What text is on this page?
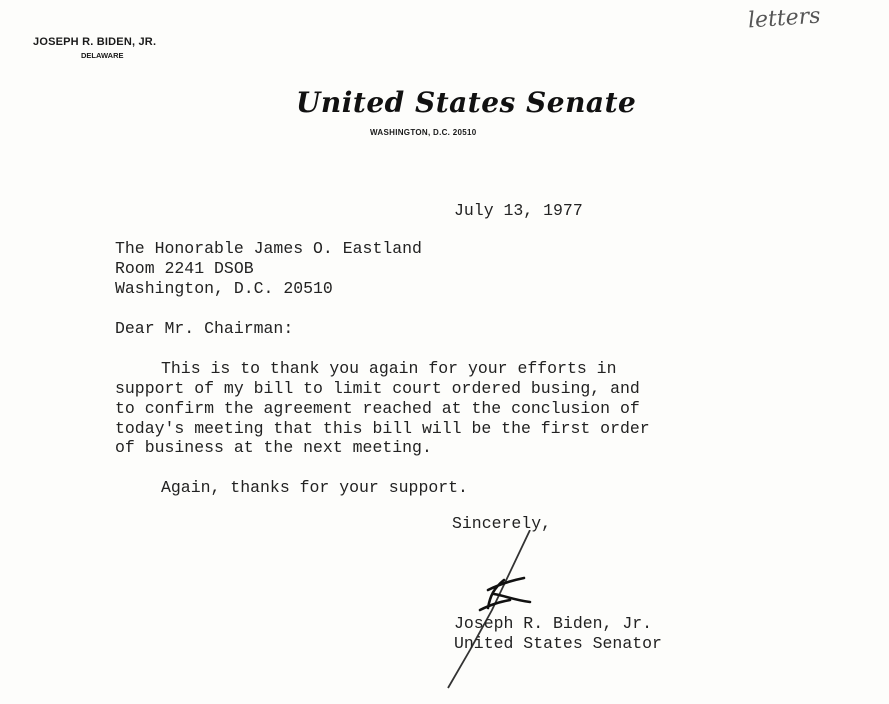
JOSEPH R. BIDEN, JR.
DELAWARE
letters
United States Senate
WASHINGTON, D.C. 20510
July 13, 1977
The Honorable James O. Eastland
Room 2241 DSOB
Washington, D.C. 20510
Dear Mr. Chairman:
This is to thank you again for your efforts in
support of my bill to limit court ordered busing, and
to confirm the agreement reached at the conclusion of
today's meeting that this bill will be the first order
of business at the next meeting.
Again, thanks for your support.
Sincerely,
Joseph R. Biden, Jr.
United States Senator
